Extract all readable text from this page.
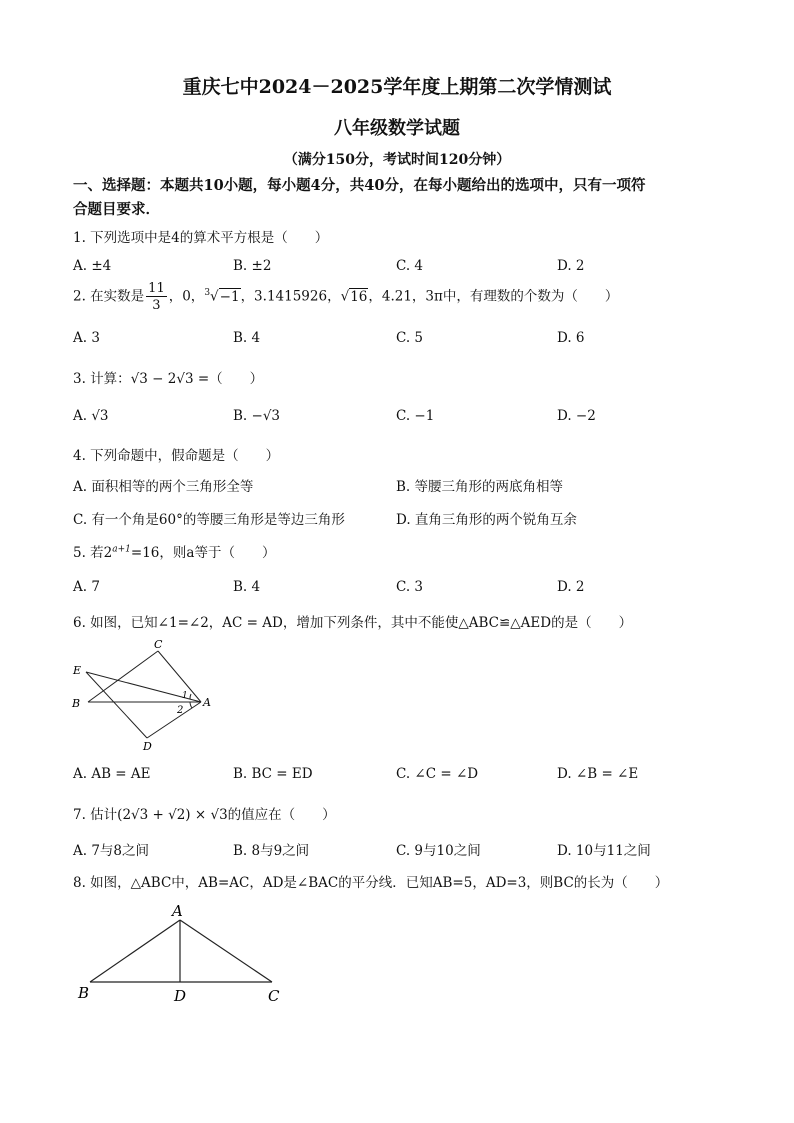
重庆七中2024－2025学年度上期第二次学情测试
八年级数学试题
（满分150分，考试时间120分钟）
一、选择题：本题共10小题，每小题4分，共40分，在每小题给出的选项中，只有一项符
合题目要求．
1. 下列选项中是4的算术平方根是（　　）
A. ±4	B. ±2	C. 4	D. 2
2. 在实数是 $\frac{11}{3}$ ，0，$^3$√−1，3.1415926，√16，4.21，3π中，有理数的个数为（　　）
A. 3	B. 4	C. 5	D. 6
3. 计算：√3 − 2√3 =（　　）
A. √3	B. −√3	C. −1	D. −2
4. 下列命题中，假命题是（　　）
A. 面积相等的两个三角形全等	B. 等腰三角形的两底角相等
C. 有一个角是60°的等腰三角形是等边三角形	D. 直角三角形的两个锐角互余
5. 若$2^{a+1}=16$，则a等于（　　）
A. 7	B. 4	C. 3	D. 2
6. 如图，已知∠1=∠2，AC = AD，增加下列条件，其中不能使△ABC≌△AED的是（　　）
C
E
B	A
D
1
2
A. AB = AE	B. BC = ED	C. ∠C = ∠D	D. ∠B = ∠E
7. 估计(2√3 + √2) × √3的值应在（　　）
A. 7与8之间	B. 8与9之间	C. 9与10之间	D. 10与11之间
8. 如图，△ABC中，AB=AC，AD是∠BAC的平分线．已知AB=5，AD=3，则BC的长为（　　）
A
B	D	C
